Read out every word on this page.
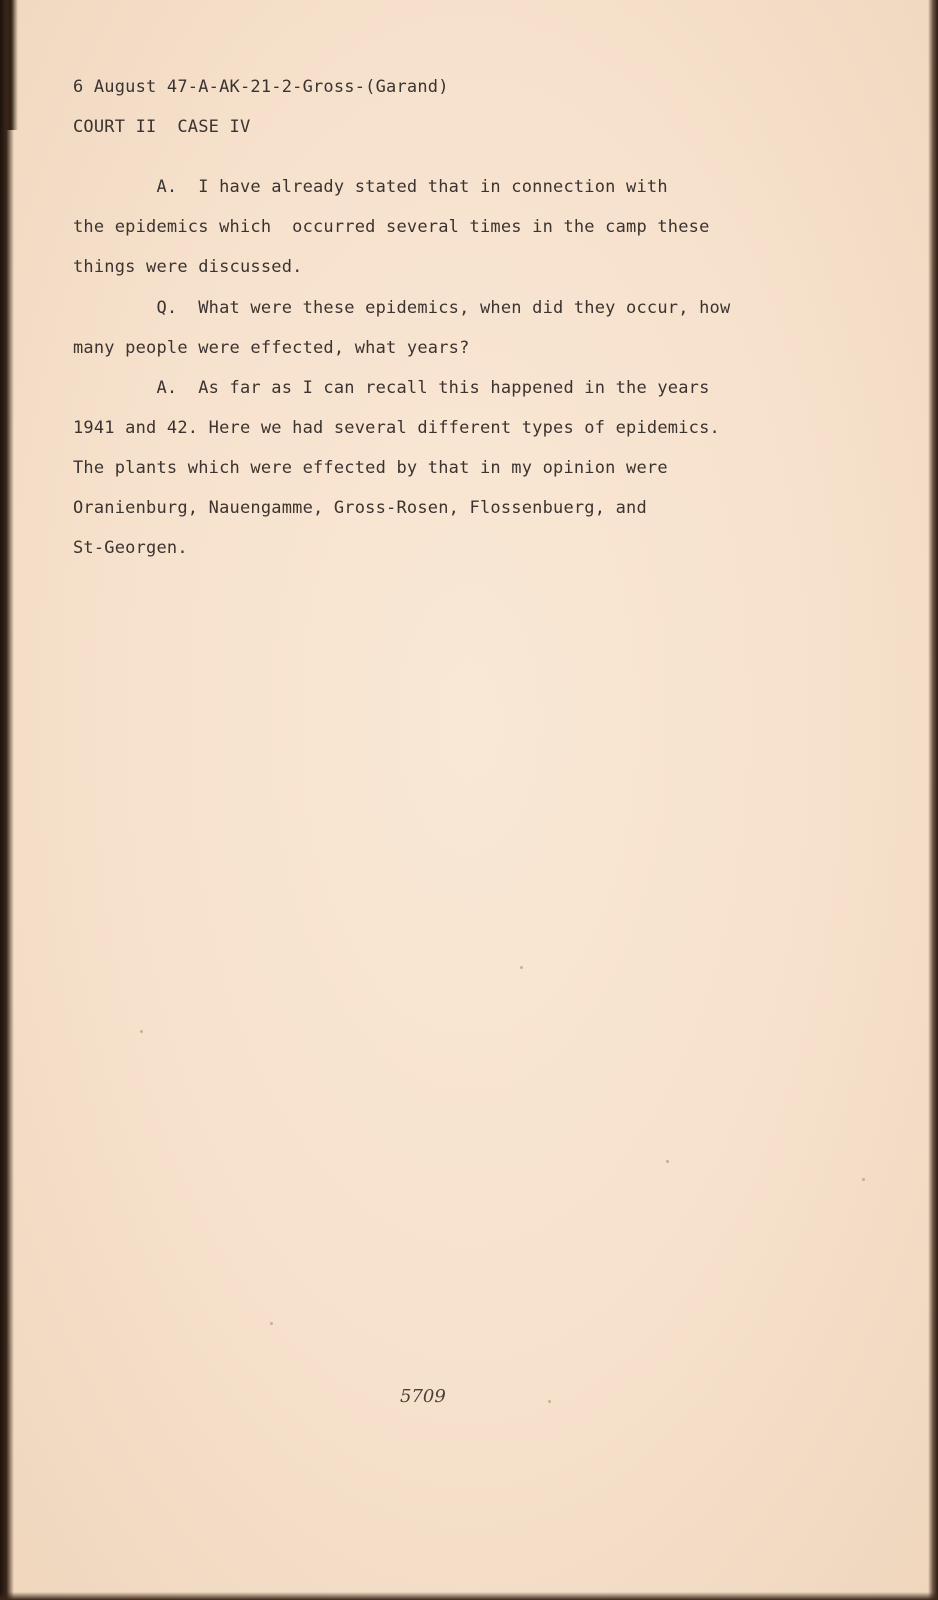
6 August 47-A-AK-21-2-Gross-(Garand)
COURT II  CASE IV
A.  I have already stated that in connection with
the epidemics which  occurred several times in the camp these
things were discussed.
Q.  What were these epidemics, when did they occur, how
many people were effected, what years?
A.  As far as I can recall this happened in the years
1941 and 42. Here we had several different types of epidemics.
The plants which were effected by that in my opinion were
Oranienburg, Nauengamme, Gross-Rosen, Flossenbuerg, and
St-Georgen.
5709
